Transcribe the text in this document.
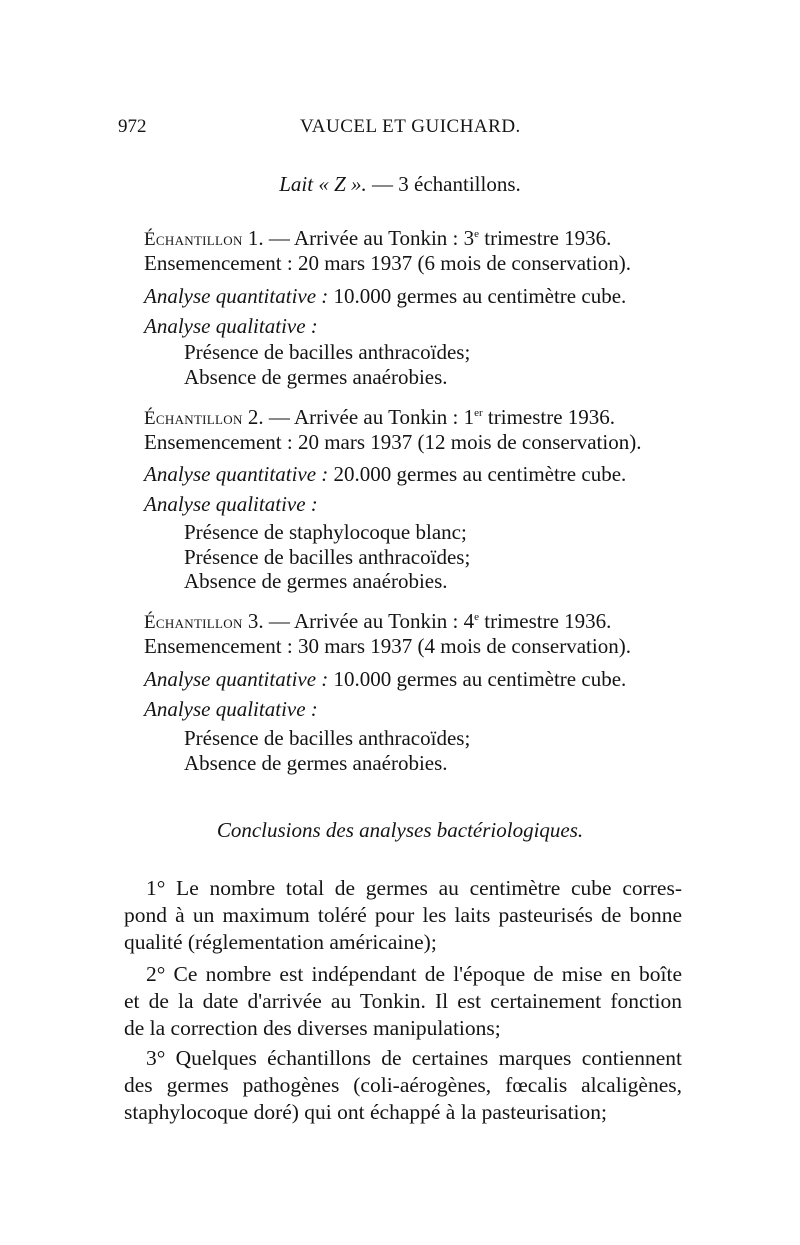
972	VAUCEL ET GUICHARD.
Lait « Z ». — 3 échantillons.
Échantillon 1. — Arrivée au Tonkin : 3e trimestre 1936.
Ensemencement : 20 mars 1937 (6 mois de conservation).
Analyse quantitative : 10.000 germes au centimètre cube.
Analyse qualitative :
Présence de bacilles anthracoïdes;
Absence de germes anaérobies.
Échantillon 2. — Arrivée au Tonkin : 1er trimestre 1936.
Ensemencement : 20 mars 1937 (12 mois de conservation).
Analyse quantitative : 20.000 germes au centimètre cube.
Analyse qualitative :
Présence de staphylocoque blanc;
Présence de bacilles anthracoïdes;
Absence de germes anaérobies.
Échantillon 3. — Arrivée au Tonkin : 4e trimestre 1936.
Ensemencement : 30 mars 1937 (4 mois de conservation).
Analyse quantitative : 10.000 germes au centimètre cube.
Analyse qualitative :
Présence de bacilles anthracoïdes;
Absence de germes anaérobies.
Conclusions des analyses bactériologiques.
1° Le nombre total de germes au centimètre cube corres-
pond à un maximum toléré pour les laits pasteurisés de bonne
qualité (réglementation américaine);
2° Ce nombre est indépendant de l'époque de mise en boîte
et de la date d'arrivée au Tonkin. Il est certainement fonction
de la correction des diverses manipulations;
3° Quelques échantillons de certaines marques contiennent
des germes pathogènes (coli-aérogènes, fœcalis alcaligènes,
staphylocoque doré) qui ont échappé à la pasteurisation;
